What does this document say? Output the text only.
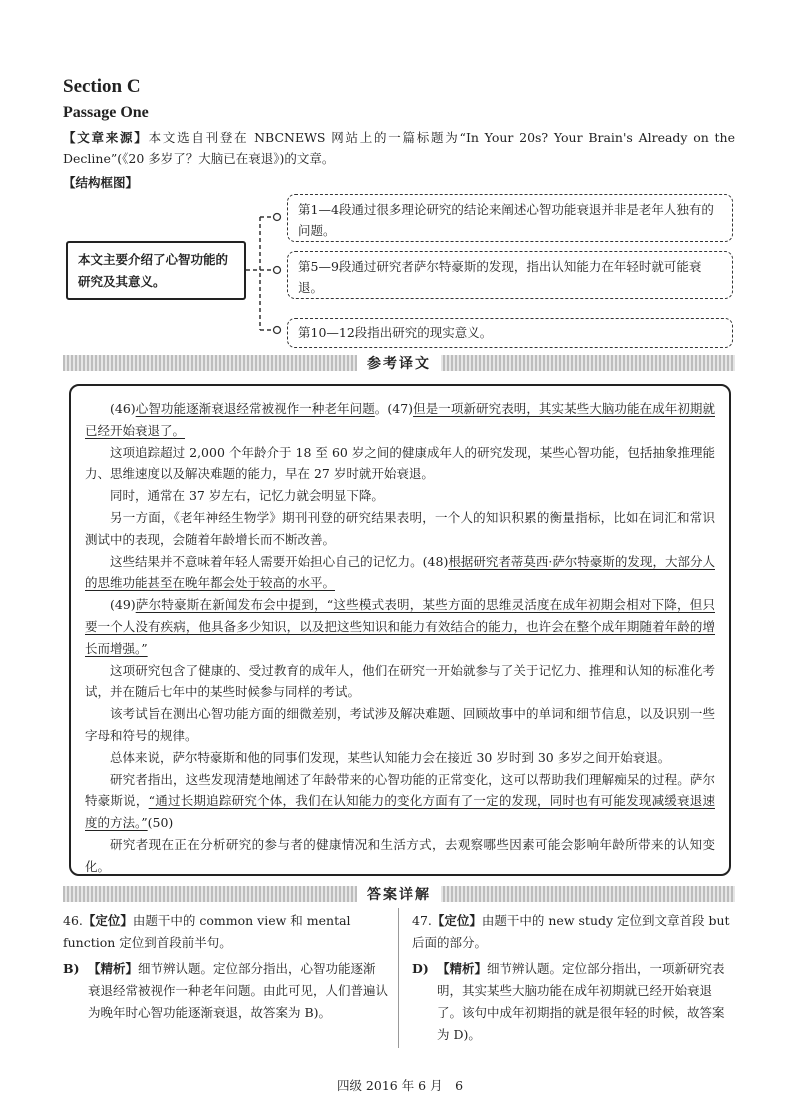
Section C
Passage One
【文章来源】本文选自刊登在 NBCNEWS 网站上的一篇标题为“In Your 20s? Your Brain's Already on the Decline”(《20 多岁了？大脑已在衰退》)的文章。
【结构框图】
本文主要介绍了心智功能的研究及其意义。
第1—4段通过很多理论研究的结论来阐述心智功能衰退并非是老年人独有的问题。
第5—9段通过研究者萨尔特豪斯的发现，指出认知能力在年轻时就可能衰退。
第10—12段指出研究的现实意义。
参考译文

(46)心智功能逐渐衰退经常被视作一种老年问题。(47)但是一项新研究表明，其实某些大脑功能在成年初期就已经开始衰退了。

这项追踪超过 2,000 个年龄介于 18 至 60 岁之间的健康成年人的研究发现，某些心智功能，包括抽象推理能力、思维速度以及解决难题的能力，早在 27 岁时就开始衰退。

同时，通常在 37 岁左右，记忆力就会明显下降。

另一方面，《老年神经生物学》期刊刊登的研究结果表明，一个人的知识积累的衡量指标，比如在词汇和常识测试中的表现，会随着年龄增长而不断改善。

这些结果并不意味着年轻人需要开始担心自己的记忆力。(48)根据研究者蒂莫西·萨尔特豪斯的发现，大部分人的思维功能甚至在晚年都会处于较高的水平。

(49)萨尔特豪斯在新闻发布会中提到，“这些模式表明，某些方面的思维灵活度在成年初期会相对下降，但只要一个人没有疾病，他具备多少知识，以及把这些知识和能力有效结合的能力，也许会在整个成年期随着年龄的增长而增强。”

这项研究包含了健康的、受过教育的成年人，他们在研究一开始就参与了关于记忆力、推理和认知的标准化考试，并在随后七年中的某些时候参与同样的考试。

该考试旨在测出心智功能方面的细微差别，考试涉及解决难题、回顾故事中的单词和细节信息，以及识别一些字母和符号的规律。

总体来说，萨尔特豪斯和他的同事们发现，某些认知能力会在接近 30 岁时到 30 多岁之间开始衰退。

研究者指出，这些发现清楚地阐述了年龄带来的心智功能的正常变化，这可以帮助我们理解痴呆的过程。萨尔特豪斯说，“通过长期追踪研究个体，我们在认知能力的变化方面有了一定的发现，同时也有可能发现减缓衰退速度的方法。”(50)

研究者现在正在分析研究的参与者的健康情况和生活方式，去观察哪些因素可能会影响年龄所带来的认知变化。

答案详解
46.【定位】由题干中的 common view 和 mental function 定位到首段前半句。
B) 【精析】细节辨认题。定位部分指出，心智功能逐渐衰退经常被视作一种老年问题。由此可见，人们普遍认为晚年时心智功能逐渐衰退，故答案为 B)。
47.【定位】由题干中的 new study 定位到文章首段 but 后面的部分。
D) 【精析】细节辨认题。定位部分指出，一项新研究表明，其实某些大脑功能在成年初期就已经开始衰退了。该句中成年初期指的就是很年轻的时候，故答案为 D)。
四级 2016 年 6 月　6
